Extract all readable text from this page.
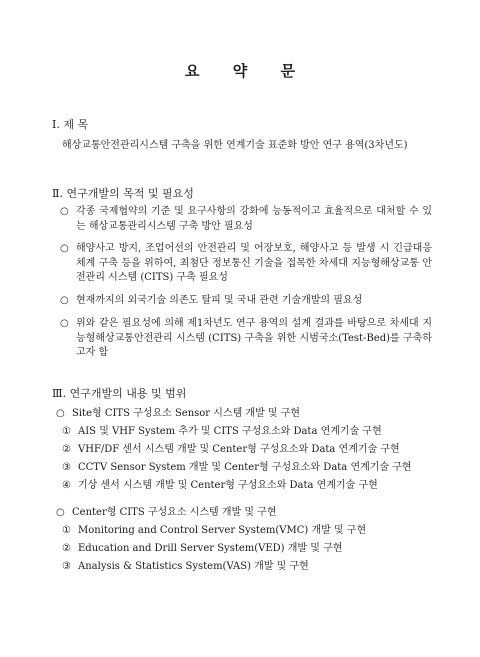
요 약 문
Ⅰ. 제 목
해상교통안전관리시스템 구축을 위한 연계기술 표준화 방안 연구 용역(3차년도)
Ⅱ. 연구개발의 목적 및 필요성
○ 각종 국제협약의 기준 및 요구사항의 강화에 능동적이고 효율적으로 대처할 수 있는 해상교통관리시스템 구축 방안 필요성
○ 해양사고 방지, 조업어선의 안전관리 및 어장보호, 해양사고 등 발생 시 긴급대응 체계 구축 등을 위하여, 최첨단 정보통신 기술을 접목한 차세대 지능형해상교통 안전관리 시스템 (CITS) 구축 필요성
○ 현재까지의 외국기술 의존도 탈피 및 국내 관련 기술개발의 필요성
○ 위와 같은 필요성에 의해 제1차년도 연구 용역의 설계 결과를 바탕으로 차세대 지능형해상교통안전관리 시스템 (CITS) 구축을 위한 시범국소(Test-Bed)를 구축하고자 함
Ⅲ. 연구개발의 내용 및 범위
○ Site형 CITS 구성요소 Sensor 시스템 개발 및 구현
① AIS 및 VHF System 추가 및 CITS 구성요소와 Data 연계기술 구현
② VHF/DF 센서 시스템 개발 및 Center형 구성요소와 Data 연계기술 구현
③ CCTV Sensor System 개발 및 Center형 구성요소와 Data 연계기술 구현
④ 기상 센서 시스템 개발 및 Center형 구성요소와 Data 연계기술 구현
○ Center형 CITS 구성요소 시스템 개발 및 구현
① Monitoring and Control Server System(VMC) 개발 및 구현
② Education and Drill Server System(VED) 개발 및 구현
③ Analysis & Statistics System(VAS) 개발 및 구현
